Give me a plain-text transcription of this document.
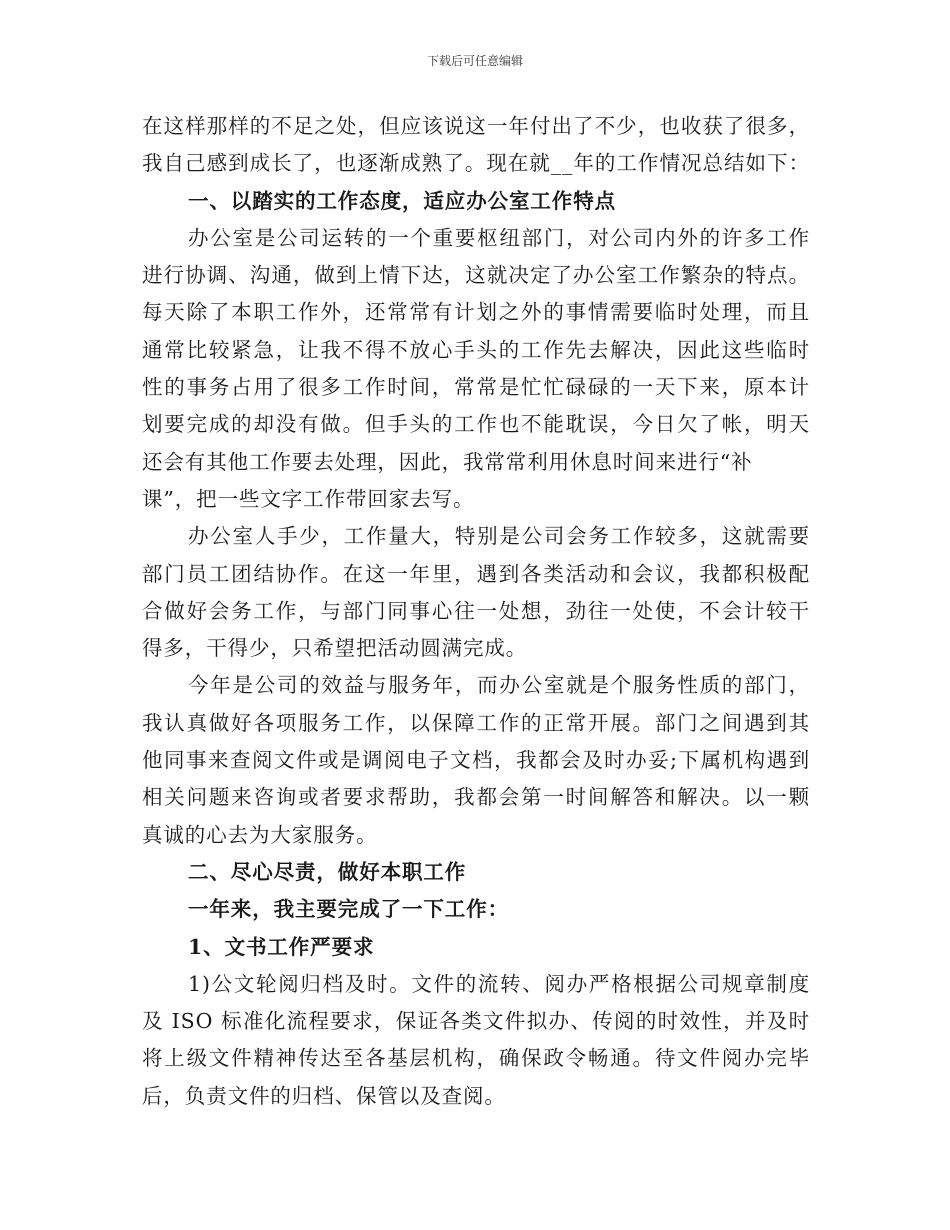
下载后可任意编辑
在这样那样的不足之处，但应该说这一年付出了不少，也收获了很多，
我自己感到成长了，也逐渐成熟了。现在就__年的工作情况总结如下：
一、以踏实的工作态度，适应办公室工作特点
办公室是公司运转的一个重要枢纽部门，对公司内外的许多工作
进行协调、沟通，做到上情下达，这就决定了办公室工作繁杂的特点。
每天除了本职工作外，还常常有计划之外的事情需要临时处理，而且
通常比较紧急，让我不得不放心手头的工作先去解决，因此这些临时
性的事务占用了很多工作时间，常常是忙忙碌碌的一天下来，原本计
划要完成的却没有做。但手头的工作也不能耽误，今日欠了帐，明天
还会有其他工作要去处理，因此，我常常利用休息时间来进行“补
课”，把一些文字工作带回家去写。
办公室人手少，工作量大，特别是公司会务工作较多，这就需要
部门员工团结协作。在这一年里，遇到各类活动和会议，我都积极配
合做好会务工作，与部门同事心往一处想，劲往一处使，不会计较干
得多，干得少，只希望把活动圆满完成。
今年是公司的效益与服务年，而办公室就是个服务性质的部门，
我认真做好各项服务工作，以保障工作的正常开展。部门之间遇到其
他同事来查阅文件或是调阅电子文档，我都会及时办妥;下属机构遇到
相关问题来咨询或者要求帮助，我都会第一时间解答和解决。以一颗
真诚的心去为大家服务。
二、尽心尽责，做好本职工作
一年来，我主要完成了一下工作：
1、文书工作严要求
1)公文轮阅归档及时。文件的流转、阅办严格根据公司规章制度
及 ISO 标准化流程要求，保证各类文件拟办、传阅的时效性，并及时
将上级文件精神传达至各基层机构，确保政令畅通。待文件阅办完毕
后，负责文件的归档、保管以及查阅。
